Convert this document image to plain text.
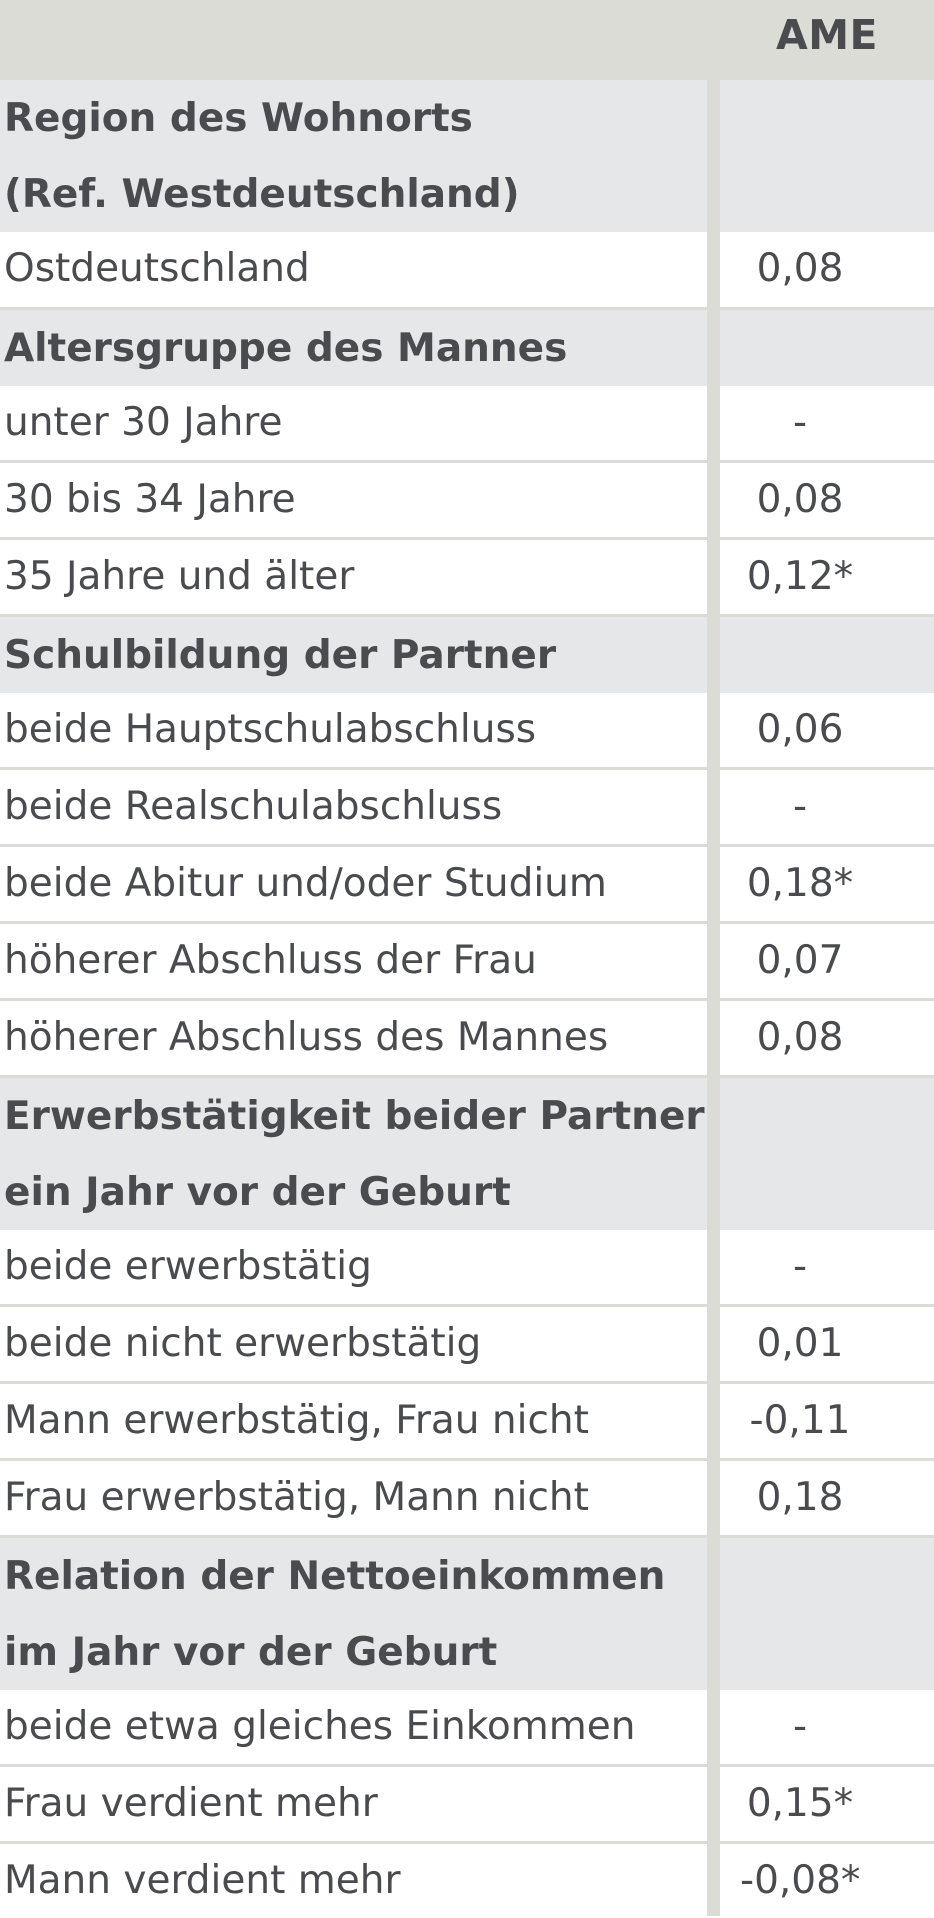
AME
Region des Wohnorts
(Ref. Westdeutschland)
Ostdeutschland	0,08
Altersgruppe des Mannes
unter 30 Jahre	-
30 bis 34 Jahre	0,08
35 Jahre und älter	0,12*
Schulbildung der Partner
beide Hauptschulabschluss	0,06
beide Realschulabschluss	-
beide Abitur und/oder Studium	0,18*
höherer Abschluss der Frau	0,07
höherer Abschluss des Mannes	0,08
Erwerbstätigkeit beider Partner
ein Jahr vor der Geburt
beide erwerbstätig	-
beide nicht erwerbstätig	0,01
Mann erwerbstätig, Frau nicht	-0,11
Frau erwerbstätig, Mann nicht	0,18
Relation der Nettoeinkommen
im Jahr vor der Geburt
beide etwa gleiches Einkommen	-
Frau verdient mehr	0,15*
Mann verdient mehr	-0,08*
